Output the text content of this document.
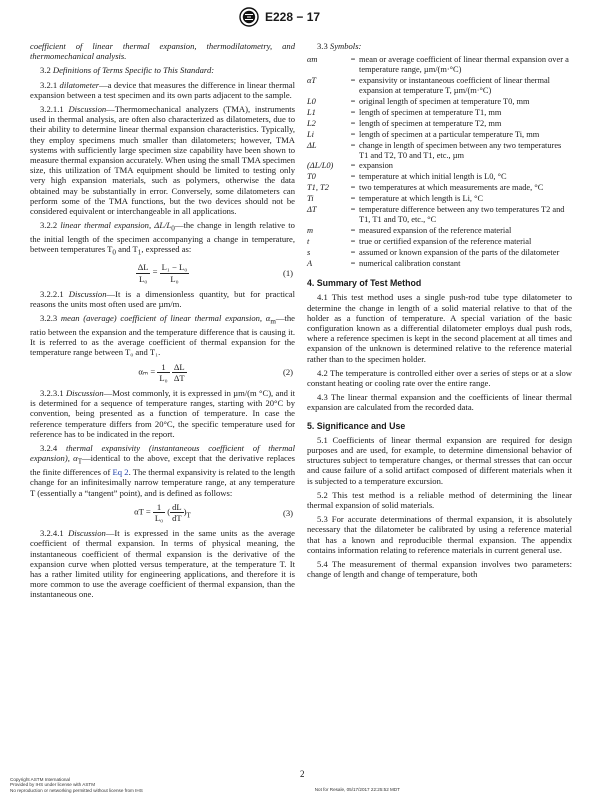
E228 − 17

coefficient of linear thermal expansion, thermodilatometry, and thermomechanical analysis.

3.2 Definitions of Terms Specific to This Standard:

3.2.1 dilatometer—a device that measures the difference in linear thermal expansion between a test specimen and its own parts adjacent to the sample.

3.2.1.1 Discussion—Thermomechanical analyzers (TMA), instruments used in thermal analysis, are often also characterized as dilatometers, due to their ability to determine linear thermal expansion characteristics. Typically, they employ specimens much smaller than dilatometers; however, TMA systems with sufficiently large specimen size capability have been shown to measure thermal expansion accurately. When using the small TMA specimen size, this utilization of TMA equipment should be limited to testing only very high expansion materials, such as polymers, otherwise the data obtained may be substantially in error. Conversely, some dilatometers can perform some of the TMA functions, but the two devices should not be considered equivalent or interchangeable in all applications.

3.2.2 linear thermal expansion, $\Delta L/L_0—the$ change in length relative to the initial length of the specimen accompanying a change in temperature, between temperatures $T_0$ and $T_1$, expressed as:

$\frac{\Delta L}{\text{L₀}} = \frac{\text{L₁ − L₀}}{\text{L₀}}$	(1)

3.2.2.1 Discussion—It is a dimensionless quantity, but for practical reasons the units most often used are µm/m.

3.2.3 mean (average) coefficient of linear thermal expansion, $\alpha_m—the$ ratio between the expansion and the temperature difference that is causing it. It is referred to as the average coefficient of thermal expansion for the temperature range between T₀ and T₁.

$\alpha_m = \frac{1}{\text{L₀}}$
$\frac{\Delta L}{\Delta T}$	(2)

3.2.3.1 Discussion—Most commonly, it is expressed in µm/(m °C), and it is determined for a sequence of temperature ranges, starting with 20°C by convention, being presented as a function of temperature. In case the reference temperature differs from 20°C, the specific temperature used for reference has to be indicated in the report.

3.2.4 thermal expansivity (instantaneous coefficient of thermal expansion), $\alpha_T—identical$ to the above, except that the derivative replaces the finite differences of Eq 2. The thermal expansivity is related to the length change for an infinitesimally narrow temperature range, at any temperature T (essentially a “tangent” point), and is defined as follows:

$\alpha T = \frac{1}{\text{L₀}}$ ( $\frac{dL}{dT} )_T$	(3)

3.2.4.1 Discussion—It is expressed in the same units as the average coefficient of thermal expansion. In terms of physical meaning, the instantaneous coefficient of thermal expansion is the derivative of the expansion curve when plotted versus temperature, at the temperature T. It has a rather limited utility for engineering applications, and therefore it is more common to use the average coefficient of thermal expansion, than the instantaneous one.

3.3 Symbols:

αm	=	mean or average coefficient of linear thermal expansion over a temperature range, µm/(m·°C)
αT	=	expansivity or instantaneous coefficient of linear thermal expansion at temperature T, µm/(m·°C)
L0	=	original length of specimen at temperature T0, mm
L1	=	length of specimen at temperature T1, mm
L2	=	length of specimen at temperature T2, mm
Li	=	length of specimen at a particular temperature Ti, mm
ΔL	=	change in length of specimen between any two temperatures T1 and T2, T0 and T1, etc., µm
(ΔL/L0)	=	expansion
T0	=	temperature at which initial length is L0, °C
T1, T2	=	two temperatures at which measurements are made, °C
Ti	=	temperature at which length is Li, °C
ΔT	=	temperature difference between any two temperatures T2 and T1, T1 and T0, etc., °C
m	=	measured expansion of the reference material
t	=	true or certified expansion of the reference material
s	=	assumed or known expansion of the parts of the dilatometer
A	=	numerical calibration constant
4. Summary of Test Method

4.1 This test method uses a single push-rod tube type dilatometer to determine the change in length of a solid material relative to that of the holder as a function of temperature. A special variation of the basic configuration known as a differential dilatometer employs dual push rods, where a reference specimen is kept in the second placement at all times and expansion of the unknown is determined relative to the reference material rather than to the specimen holder.

4.2 The temperature is controlled either over a series of steps or at a slow constant heating or cooling rate over the entire range.

4.3 The linear thermal expansion and the coefficients of linear thermal expansion are calculated from the recorded data.

5. Significance and Use

5.1 Coefficients of linear thermal expansion are required for design purposes and are used, for example, to determine dimensional behavior of structures subject to temperature changes, or thermal stresses that can occur and cause failure of a solid artifact composed of different materials when it is subjected to a temperature excursion.

5.2 This test method is a reliable method of determining the linear thermal expansion of solid materials.

5.3 For accurate determinations of thermal expansion, it is absolutely necessary that the dilatometer be calibrated by using a reference material that has a known and reproducible thermal expansion. The appendix contains information relating to reference materials in current general use.

5.4 The measurement of thermal expansion involves two parameters: change of length and change of temperature, both

Copyright ASTM International
Provided by IHS under license with ASTM
No reproduction or networking permitted without license from IHS
2
Not for Resale, 05/17/2017 22:25:52 MDT
